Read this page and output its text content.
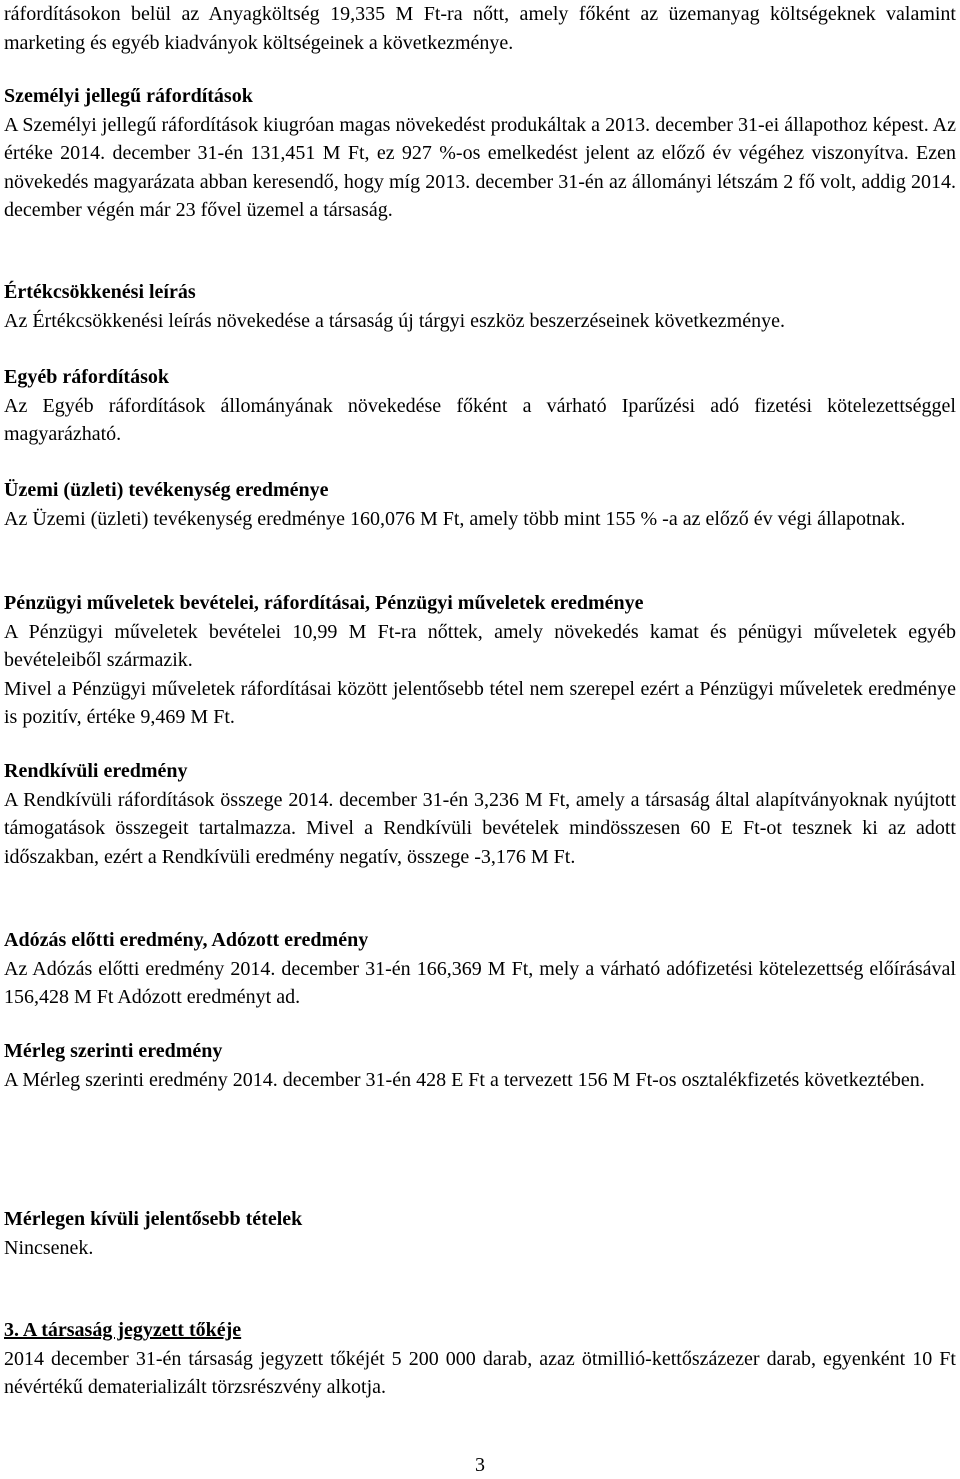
ráfordításokon belül az Anyagköltség 19,335 M Ft-ra nőtt, amely főként az üzemanyag költségeknek valamint marketing és egyéb kiadványok költségeinek a következménye.

Személyi jellegű ráfordítások

A Személyi jellegű ráfordítások kiugróan magas növekedést produkáltak a 2013. december 31-ei állapothoz képest. Az értéke 2014. december 31-én 131,451 M Ft, ez 927 %-os emelkedést jelent az előző év végéhez viszonyítva. Ezen növekedés magyarázata abban keresendő, hogy míg 2013. december 31-én az állományi létszám 2 fő volt, addig 2014. december végén már 23 fővel üzemel a társaság.

Értékcsökkenési leírás

Az Értékcsökkenési leírás növekedése a társaság új tárgyi eszköz beszerzéseinek következménye.

Egyéb ráfordítások

Az Egyéb ráfordítások állományának növekedése főként a várható Iparűzési adó fizetési kötelezettséggel magyarázható.

Üzemi (üzleti) tevékenység eredménye

Az Üzemi (üzleti) tevékenység eredménye 160,076 M Ft, amely több mint 155 % -a az előző év végi állapotnak.

Pénzügyi műveletek bevételei, ráfordításai, Pénzügyi műveletek eredménye

A Pénzügyi műveletek bevételei 10,99 M Ft-ra nőttek, amely növekedés kamat és pénügyi műveletek egyéb bevételeiből származik.

Mivel a Pénzügyi műveletek ráfordításai között jelentősebb tétel nem szerepel ezért a Pénzügyi műveletek eredménye is pozitív, értéke 9,469 M Ft.

Rendkívüli eredmény

A Rendkívüli ráfordítások összege 2014. december 31-én 3,236 M Ft, amely a társaság által alapítványoknak nyújtott támogatások összegeit tartalmazza. Mivel a Rendkívüli bevételek mindösszesen 60 E Ft-ot tesznek ki az adott időszakban, ezért a Rendkívüli eredmény negatív, összege -3,176 M Ft.

Adózás előtti eredmény, Adózott eredmény

Az Adózás előtti eredmény 2014. december 31-én 166,369 M Ft, mely a várható adófizetési kötelezettség előírásával 156,428 M Ft Adózott eredményt ad.

Mérleg szerinti eredmény

A Mérleg szerinti eredmény 2014. december 31-én 428 E Ft a tervezett 156 M Ft-os osztalékfizetés következtében.

Mérlegen kívüli jelentősebb tételek

Nincsenek.

3. A társaság jegyzett tőkéje

2014 december 31-én társaság jegyzett tőkéjét 5 200 000 darab, azaz ötmillió-kettőszázezer darab, egyenként 10 Ft névértékű dematerializált törzsrészvény alkotja.

3
